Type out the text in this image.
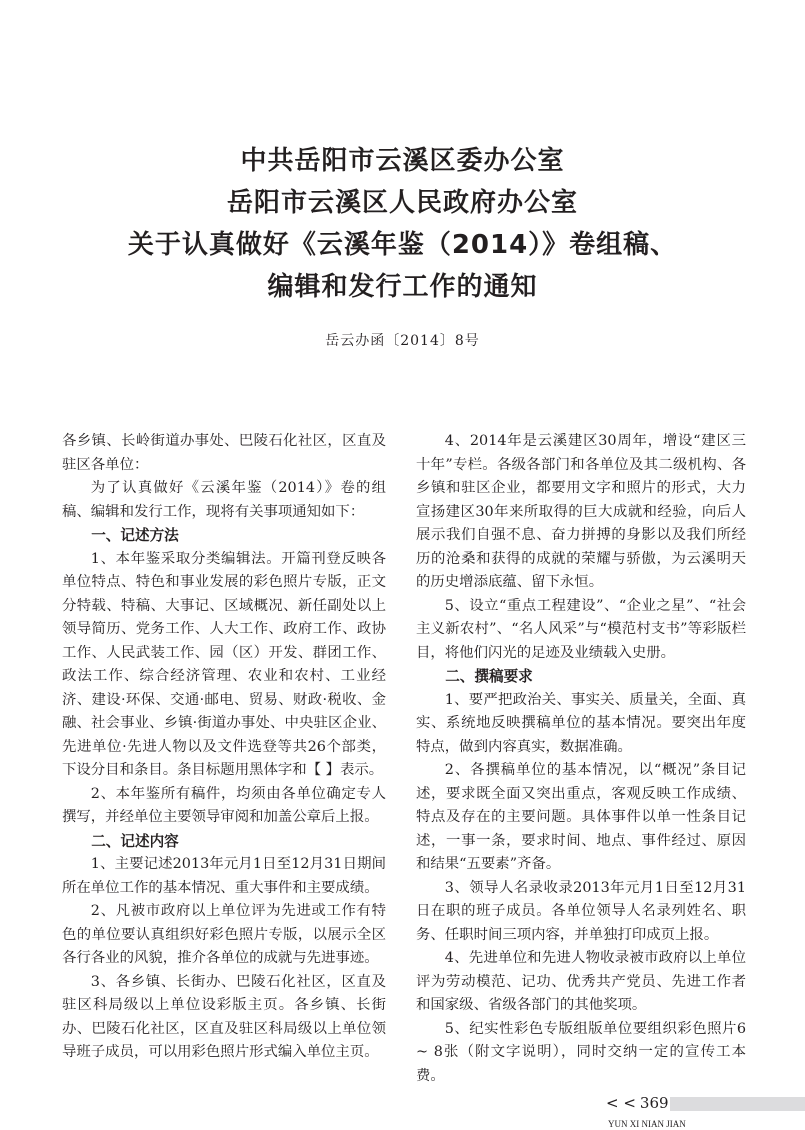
中共岳阳市云溪区委办公室
岳阳市云溪区人民政府办公室
关于认真做好《云溪年鉴（2014）》卷组稿、
编辑和发行工作的通知
岳云办函〔2014〕8号

各乡镇、长岭街道办事处、巴陵石化社区，区直及驻区各单位：

为了认真做好《云溪年鉴（2014）》卷的组稿、编辑和发行工作，现将有关事项通知如下：

一、记述方法

1、本年鉴采取分类编辑法。开篇刊登反映各单位特点、特色和事业发展的彩色照片专版，正文分特载、特稿、大事记、区域概况、新任副处以上领导简历、党务工作、人大工作、政府工作、政协工作、人民武装工作、园（区）开发、群团工作、政法工作、综合经济管理、农业和农村、工业经济、建设·环保、交通·邮电、贸易、财政·税收、金融、社会事业、乡镇·街道办事处、中央驻区企业、先进单位·先进人物以及文件选登等共26个部类，下设分目和条目。条目标题用黑体字和【 】表示。

2、本年鉴所有稿件，均须由各单位确定专人撰写，并经单位主要领导审阅和加盖公章后上报。

二、记述内容

1、主要记述2013年元月1日至12月31日期间所在单位工作的基本情况、重大事件和主要成绩。

2、凡被市政府以上单位评为先进或工作有特色的单位要认真组织好彩色照片专版，以展示全区各行各业的风貌，推介各单位的成就与先进事迹。

3、各乡镇、长街办、巴陵石化社区，区直及驻区科局级以上单位设彩版主页。各乡镇、长街办、巴陵石化社区，区直及驻区科局级以上单位领导班子成员，可以用彩色照片形式编入单位主页。

4、2014年是云溪建区30周年，增设“建区三十年”专栏。各级各部门和各单位及其二级机构、各乡镇和驻区企业，都要用文字和照片的形式，大力宣扬建区30年来所取得的巨大成就和经验，向后人展示我们自强不息、奋力拼搏的身影以及我们所经历的沧桑和获得的成就的荣耀与骄傲，为云溪明天的历史增添底蕴、留下永恒。

5、设立“重点工程建设”、“企业之星”、“社会主义新农村”、“名人风采”与“模范村支书”等彩版栏目，将他们闪光的足迹及业绩载入史册。

二、撰稿要求

1、要严把政治关、事实关、质量关，全面、真实、系统地反映撰稿单位的基本情况。要突出年度特点，做到内容真实，数据准确。

2、各撰稿单位的基本情况，以“概况”条目记述，要求既全面又突出重点，客观反映工作成绩、特点及存在的主要问题。具体事件以单一性条目记述，一事一条，要求时间、地点、事件经过、原因和结果“五要素”齐备。

3、领导人名录收录2013年元月1日至12月31日在职的班子成员。各单位领导人名录列姓名、职务、任职时间三项内容，并单独打印成页上报。

4、先进单位和先进人物收录被市政府以上单位评为劳动模范、记功、优秀共产党员、先进工作者和国家级、省级各部门的其他奖项。

5、纪实性彩色专版组版单位要组织彩色照片6 ~ 8张（附文字说明），同时交纳一定的宣传工本费。

< < 369
YUN XI NIAN JIAN
